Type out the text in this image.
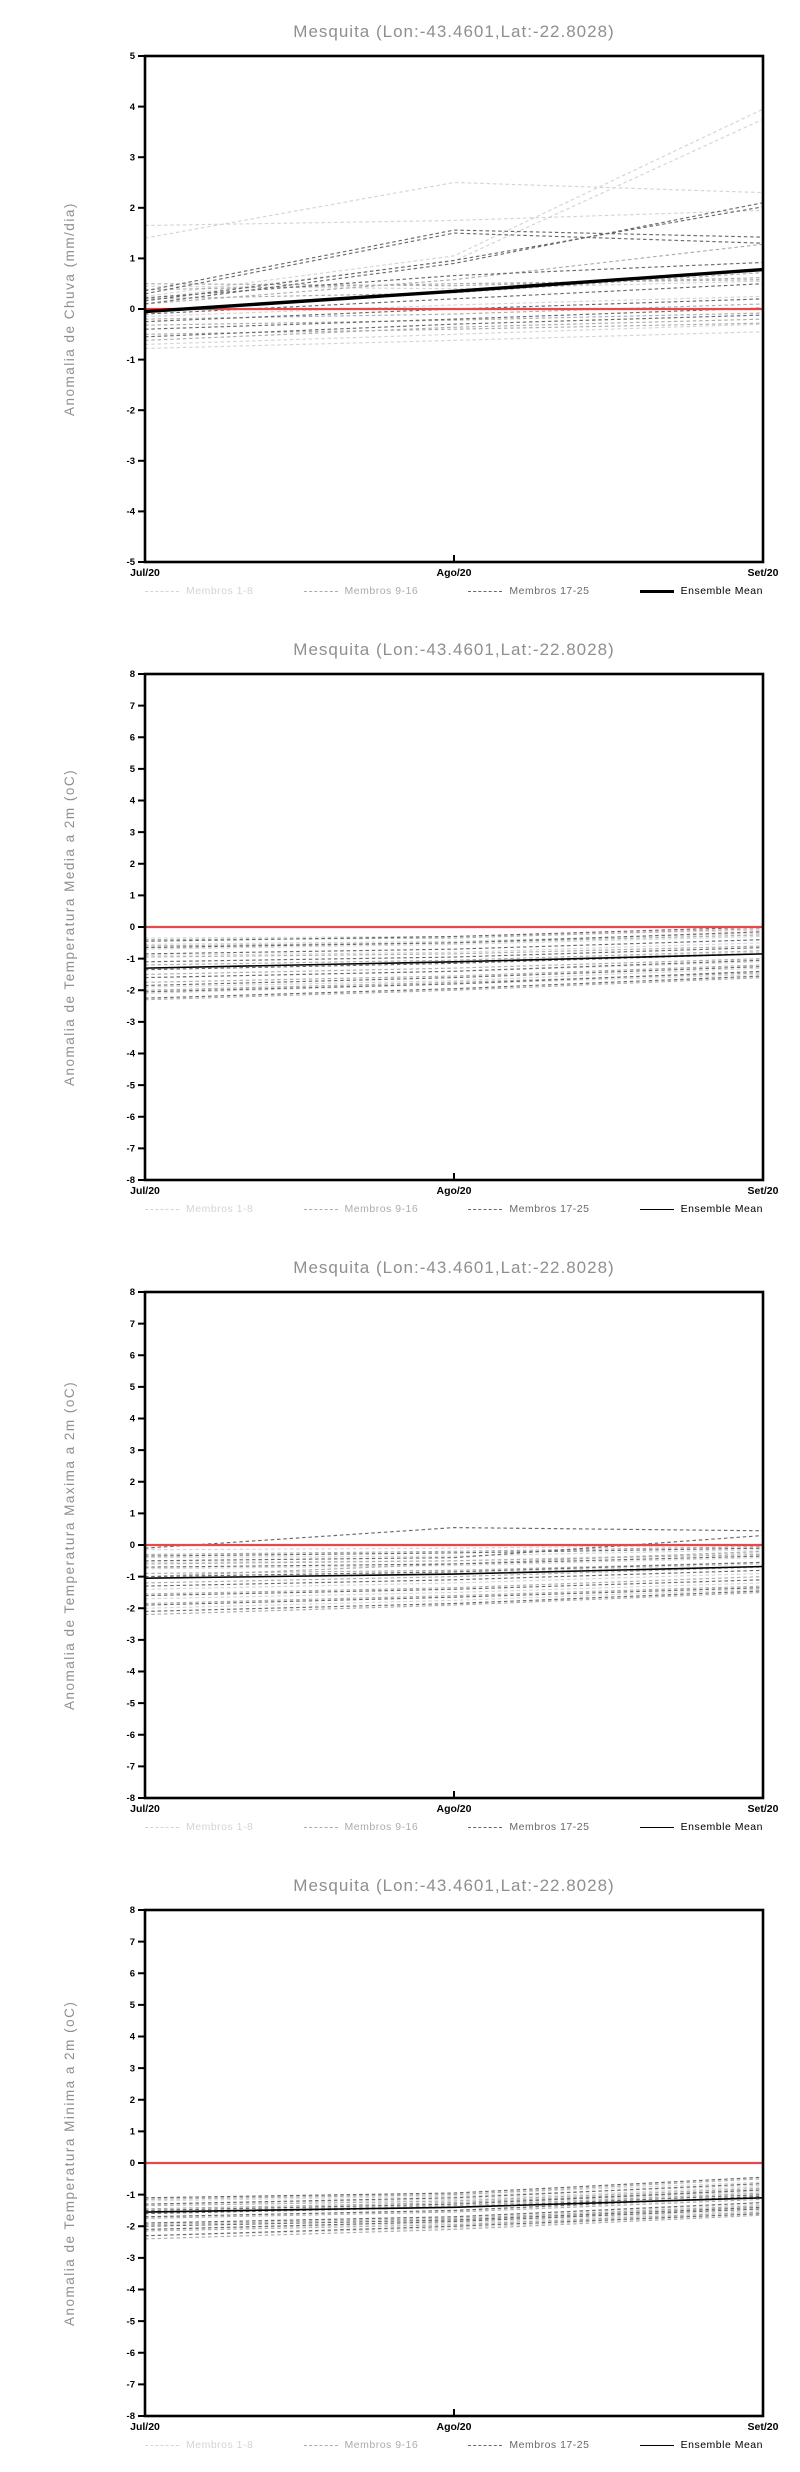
Mesquita (Lon:-43.4601,Lat:-22.8028)
Anomalia de Chuva (mm/dia)
-5
-4
-3
-2
-1
0
1
2
3
4
5
Jul/20	Ago/20	Set/20
Membros 1-8	Membros 9-16	Membros 17-25	Ensemble Mean
Mesquita (Lon:-43.4601,Lat:-22.8028)
Anomalia de Temperatura Media a 2m (oC)
-8
-7
-6
-5
-4
-3
-2
-1
0
1
2
3
4
5
6
7
8
Jul/20	Ago/20	Set/20
Membros 1-8	Membros 9-16	Membros 17-25	Ensemble Mean
Mesquita (Lon:-43.4601,Lat:-22.8028)
Anomalia de Temperatura Maxima a 2m (oC)
-8
-7
-6
-5
-4
-3
-2
-1
0
1
2
3
4
5
6
7
8
Jul/20	Ago/20	Set/20
Membros 1-8	Membros 9-16	Membros 17-25	Ensemble Mean
Mesquita (Lon:-43.4601,Lat:-22.8028)
Anomalia de Temperatura Minima a 2m (oC)
-8
-7
-6
-5
-4
-3
-2
-1
0
1
2
3
4
5
6
7
8
Jul/20	Ago/20	Set/20
Membros 1-8	Membros 9-16	Membros 17-25	Ensemble Mean
